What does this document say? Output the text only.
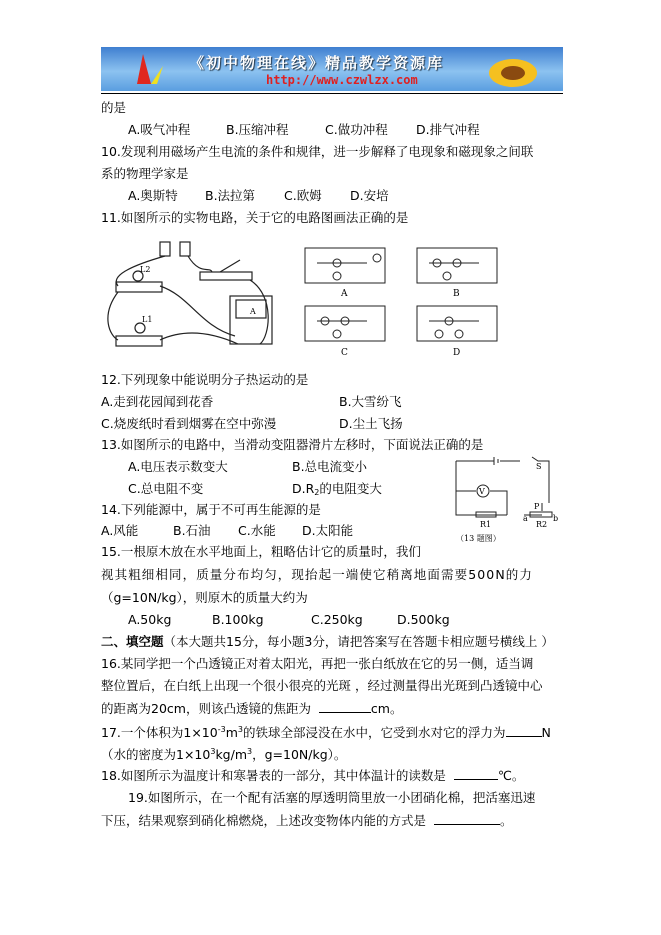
《初中物理在线》精品教学资源库
http://www.czwlzx.com
的是
A.吸气冲程	B.压缩冲程	C.做功冲程 D.排气冲程
10.发现利用磁场产生电流的条件和规律，进一步解释了电现象和磁现象之间联
系的物理学家是
A.奥斯特 B.法拉第 C.欧姆 D.安培
11.如图所示的实物电路，关于它的电路图画法正确的是
L2
L1
A
A	B
C	D
12.下列现象中能说明分子热运动的是
A.走到花园闻到花香	B.大雪纷飞
C.烧废纸时看到烟雾在空中弥漫	D.尘土飞扬
13.如图所示的电路中，当滑动变阻器滑片左移时，下面说法正确的是
A.电压表示数变大	B.总电流变小
C.总电阻不变	$D.R_2$的电阻变大	V
S
P
a	b
R1	R2
（13 题图）
14.下列能源中，属于不可再生能源的是
A.风能	B.石油 C.水能 D.太阳能
15.一根原木放在水平地面上，粗略估计它的质量时，我们
视其粗细相同，质量分布均匀，现抬起一端使它稍离地面需要500N的力
（g=10N/kg），则原木的质量大约为
A.50kg	B.100kg	C.250kg	D.500kg
二、填空题（本大题共15分，每小题3分，请把答案写在答题卡相应题号横线上 ）
16.某同学把一个凸透镜正对着太阳光，再把一张白纸放在它的另一侧，适当调
整位置后，在白纸上出现一个很小很亮的光斑 ，经过测量得出光斑到凸透镜中心
的距离为20cm，则该凸透镜的焦距为	cm。
17.一个体积为$1\times 10^{-3}m^3$的铁球全部浸没在水中，它受到水对它的浮力为	N
（水的密度为$1\times 10^3kg/m^3$，g=10N/kg）。
18.如图所示为温度计和寒暑表的一部分，其中体温计的读数是	℃。
19.如图所示，在一个配有活塞的厚透明筒里放一小团硝化棉，把活塞迅速
下压，结果观察到硝化棉燃烧，上述改变物体内能的方式是	。
